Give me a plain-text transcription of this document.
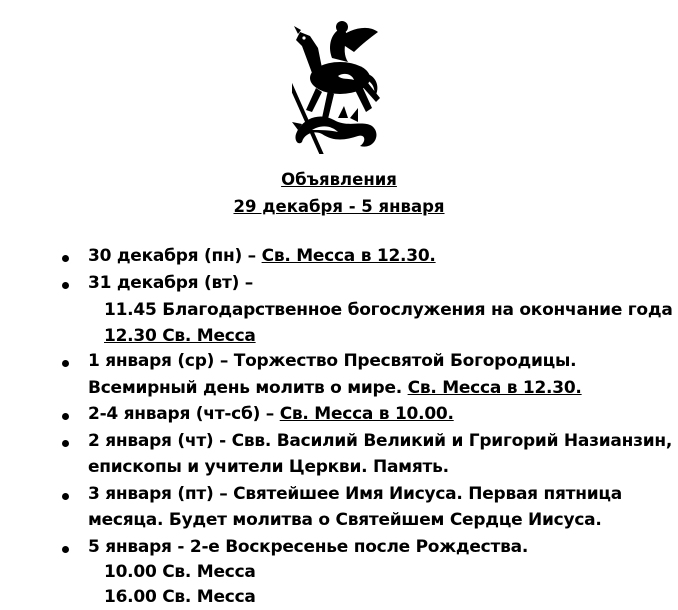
Объявления
29 декабря - 5 января
30 декабря (пн) – Св. Месса в 12.30.
31 декабря (вт) –
11.45 Благодарственное богослужения на окончание года
12.30 Св. Месса
1 января (ср) – Торжество Пресвятой Богородицы.
Всемирный день молитв о мире. Св. Месса в 12.30.
2-4 января (чт-сб) – Св. Месса в 10.00.
2 января (чт) - Свв. Василий Великий и Григорий Назианзин,
епископы и учители Церкви. Память.
3 января (пт) – Святейшее Имя Иисуса. Первая пятница
месяца. Будет молитва о Святейшем Сердце Иисуса.
5 января - 2-е Воскресенье после Рождества.
10.00 Св. Месса
16.00 Св. Месса
